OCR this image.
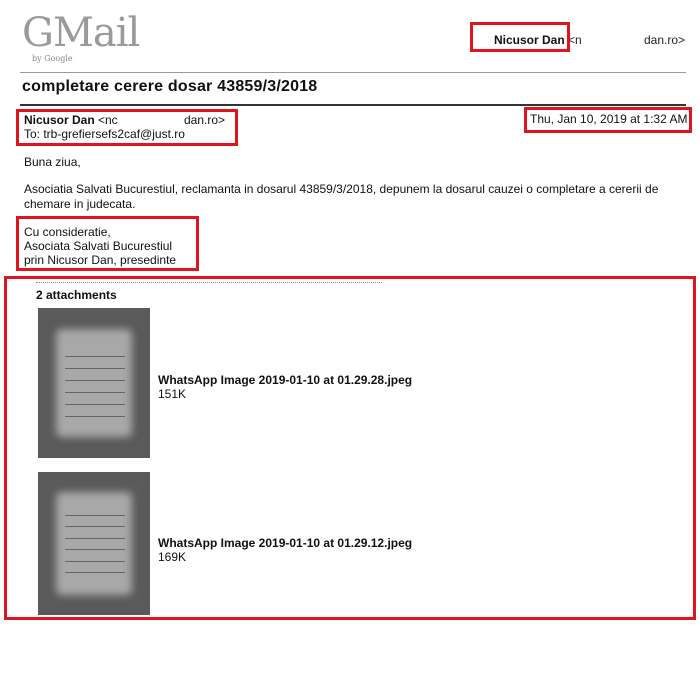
GMail
by Google
Nicusor Dan <n	dan.ro>
completare cerere dosar 43859/3/2018
Nicusor Dan <nc	dan.ro>
To: trb-grefiersefs2caf@just.ro
Thu, Jan 10, 2019 at 1:32 AM
Buna ziua,
Asociatia Salvati Bucurestiul, reclamanta in dosarul 43859/3/2018, depunem la dosarul cauzei o completare a cererii de
chemare in judecata.
Cu consideratie,
Asociata Salvati Bucurestiul
prin Nicusor Dan, presedinte
2 attachments
WhatsApp Image 2019-01-10 at 01.29.28.jpeg
151K
WhatsApp Image 2019-01-10 at 01.29.12.jpeg
169K
